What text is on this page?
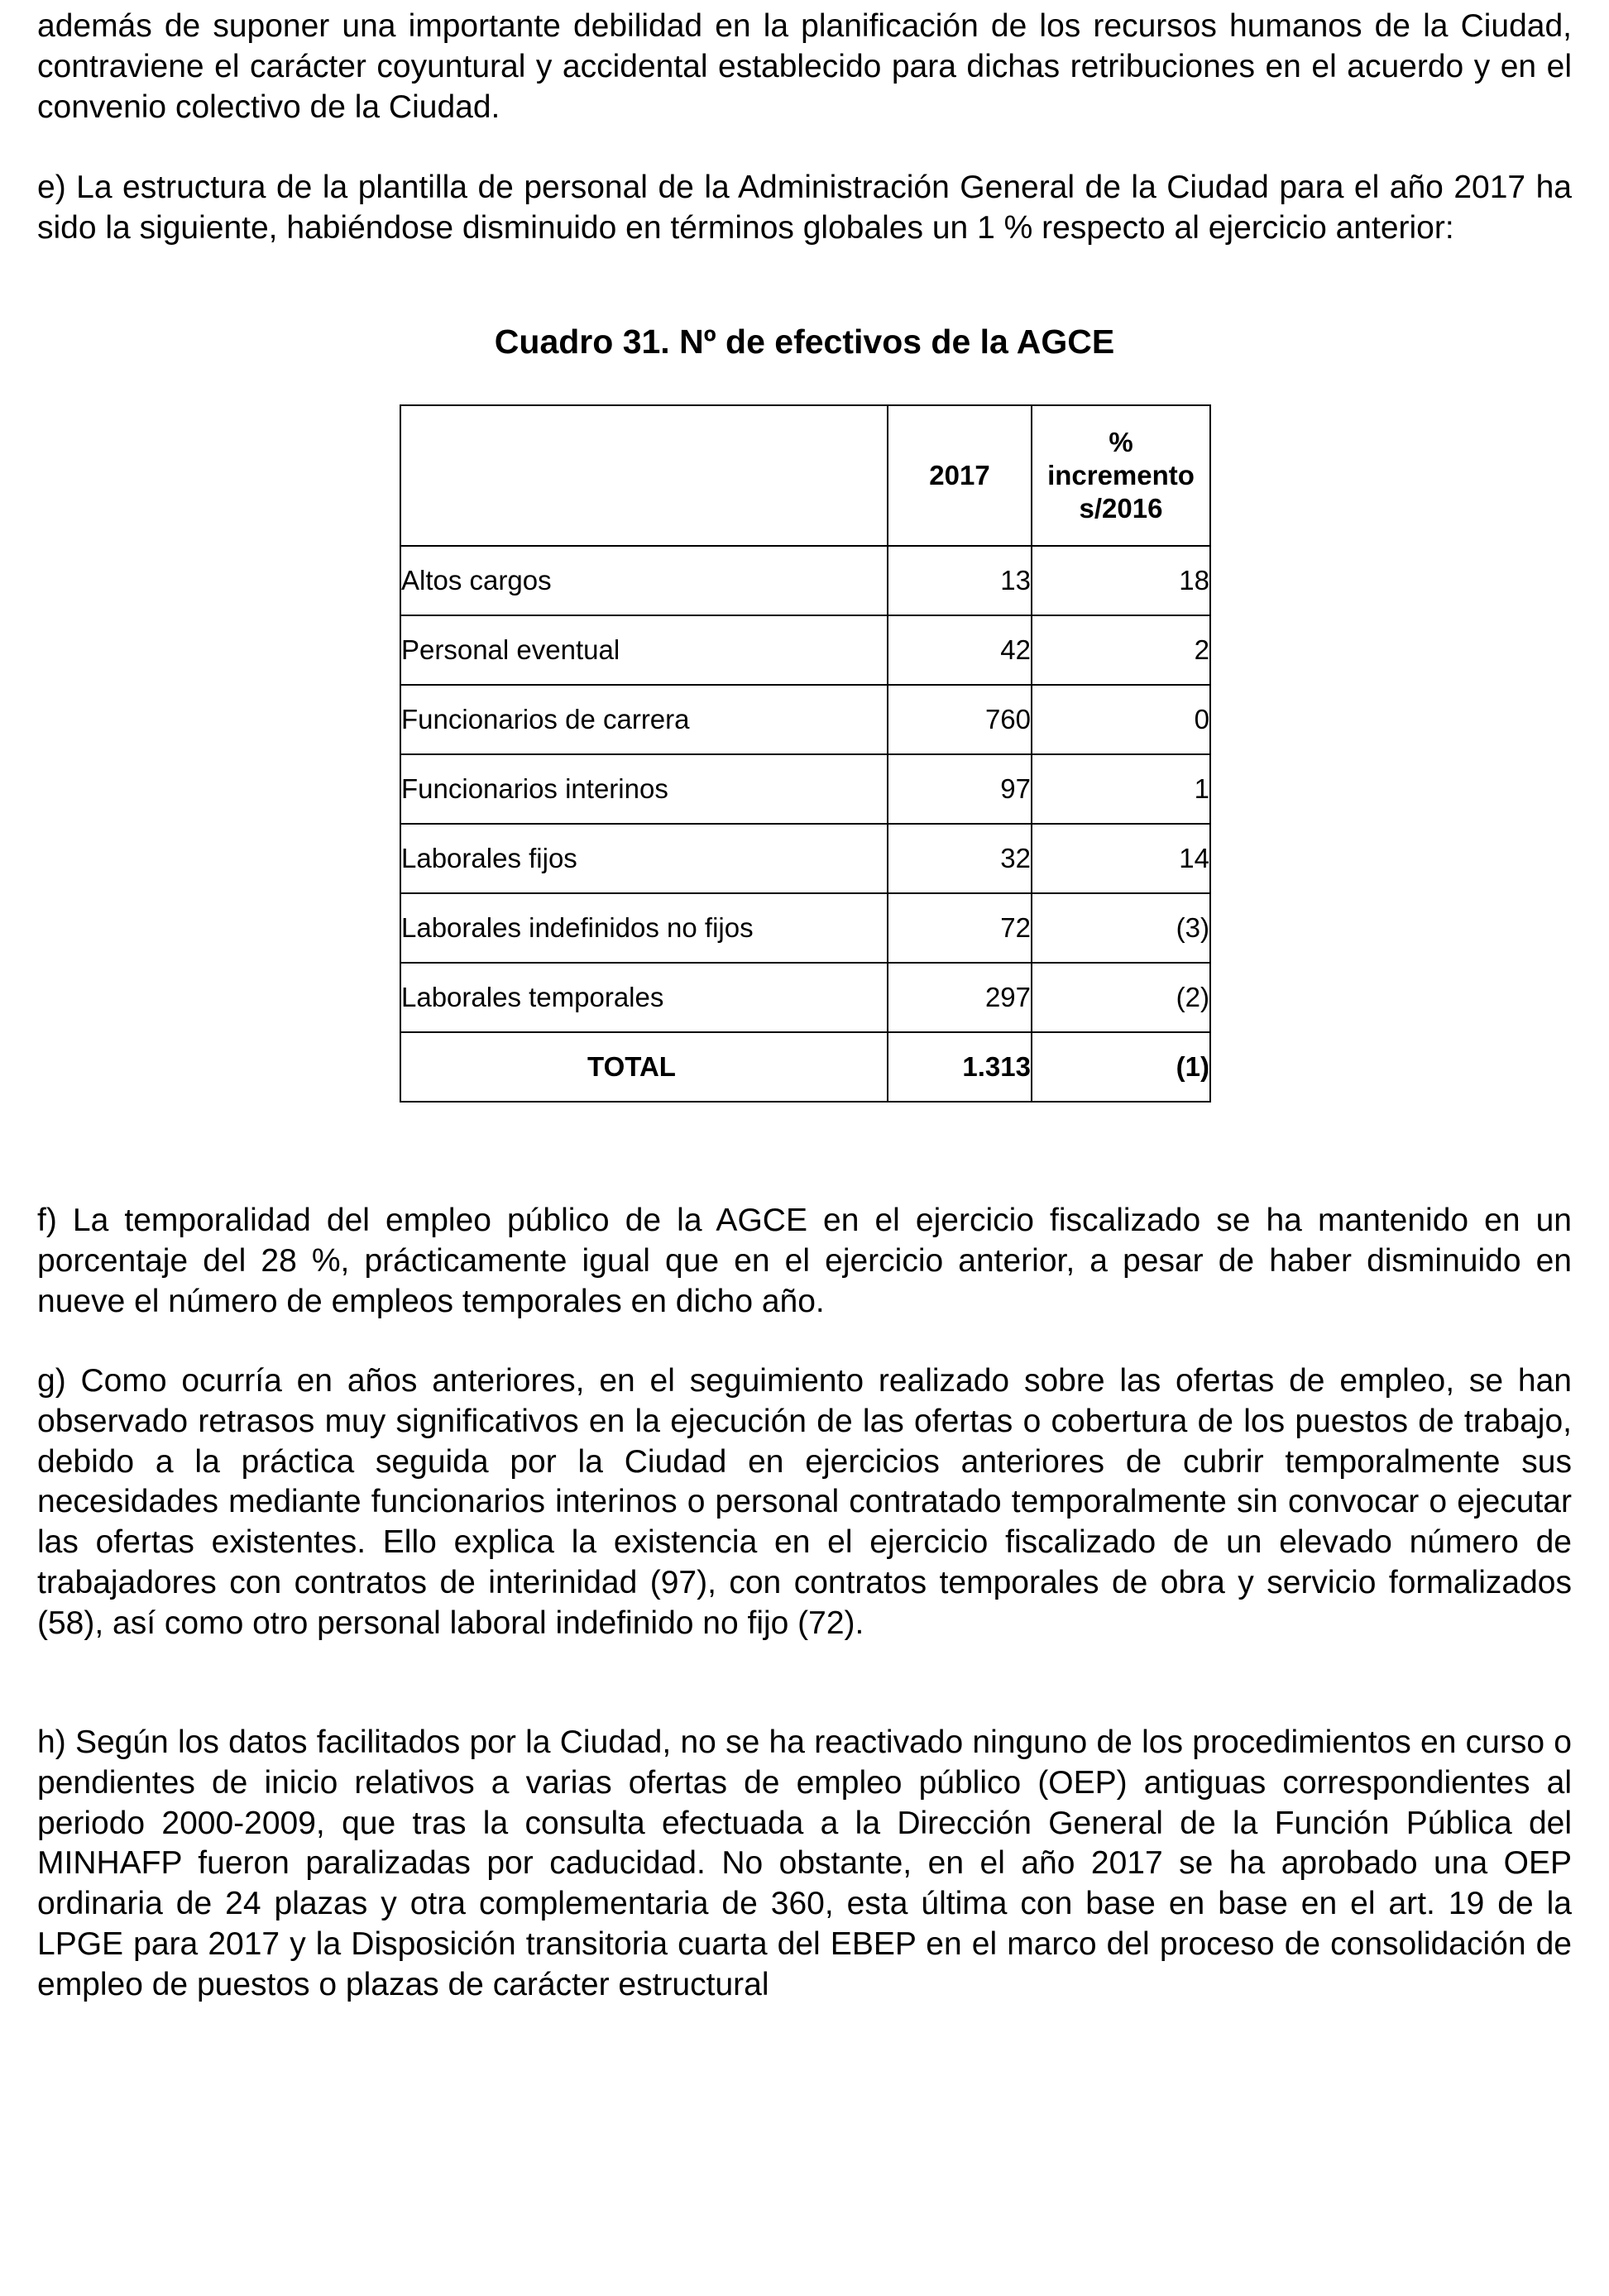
además de suponer una importante debilidad en la planificación de los recursos humanos de la Ciudad, contraviene el carácter coyuntural y accidental establecido para dichas retribuciones en el acuerdo y en el convenio colectivo de la Ciudad.

e) La estructura de la plantilla de personal de la Administración General de la Ciudad para el año 2017 ha sido la siguiente, habiéndose disminuido en términos globales un 1 % respecto al ejercicio anterior:

Cuadro 31. Nº de efectivos de la AGCE

	2017	%
incremento
s/2016

Altos cargos	13	18
Personal eventual	42	2
Funcionarios de carrera	760	0
Funcionarios interinos	97	1
Laborales fijos	32	14
Laborales indefinidos no fijos	72	(3)
Laborales temporales	297	(2)
TOTAL	1.313	(1)

f) La temporalidad del empleo público de la AGCE en el ejercicio fiscalizado se ha mantenido en un porcentaje del 28 %, prácticamente igual que en el ejercicio anterior, a pesar de haber disminuido en nueve el número de empleos temporales en dicho año.

g) Como ocurría en años anteriores, en el seguimiento realizado sobre las ofertas de empleo, se han observado retrasos muy significativos en la ejecución de las ofertas o cobertura de los puestos de trabajo, debido a la práctica seguida por la Ciudad en ejercicios anteriores de cubrir temporalmente sus necesidades mediante funcionarios interinos o personal contratado temporalmente sin convocar o ejecutar las ofertas existentes. Ello explica la existencia en el ejercicio fiscalizado de un elevado número de trabajadores con contratos de interinidad (97), con contratos temporales de obra y servicio formalizados (58), así como otro personal laboral indefinido no fijo (72).

h) Según los datos facilitados por la Ciudad, no se ha reactivado ninguno de los procedimientos en curso o pendientes de inicio relativos a varias ofertas de empleo público (OEP) antiguas correspondientes al periodo 2000-2009, que tras la consulta efectuada a la Dirección General de la Función Pública del MINHAFP fueron paralizadas por caducidad. No obstante, en el año 2017 se ha aprobado una OEP ordinaria de 24 plazas y otra complementaria de 360, esta última con base en base en el art. 19 de la LPGE para 2017 y la Disposición transitoria cuarta del EBEP en el marco del proceso de consolidación de empleo de puestos o plazas de carácter estructural
